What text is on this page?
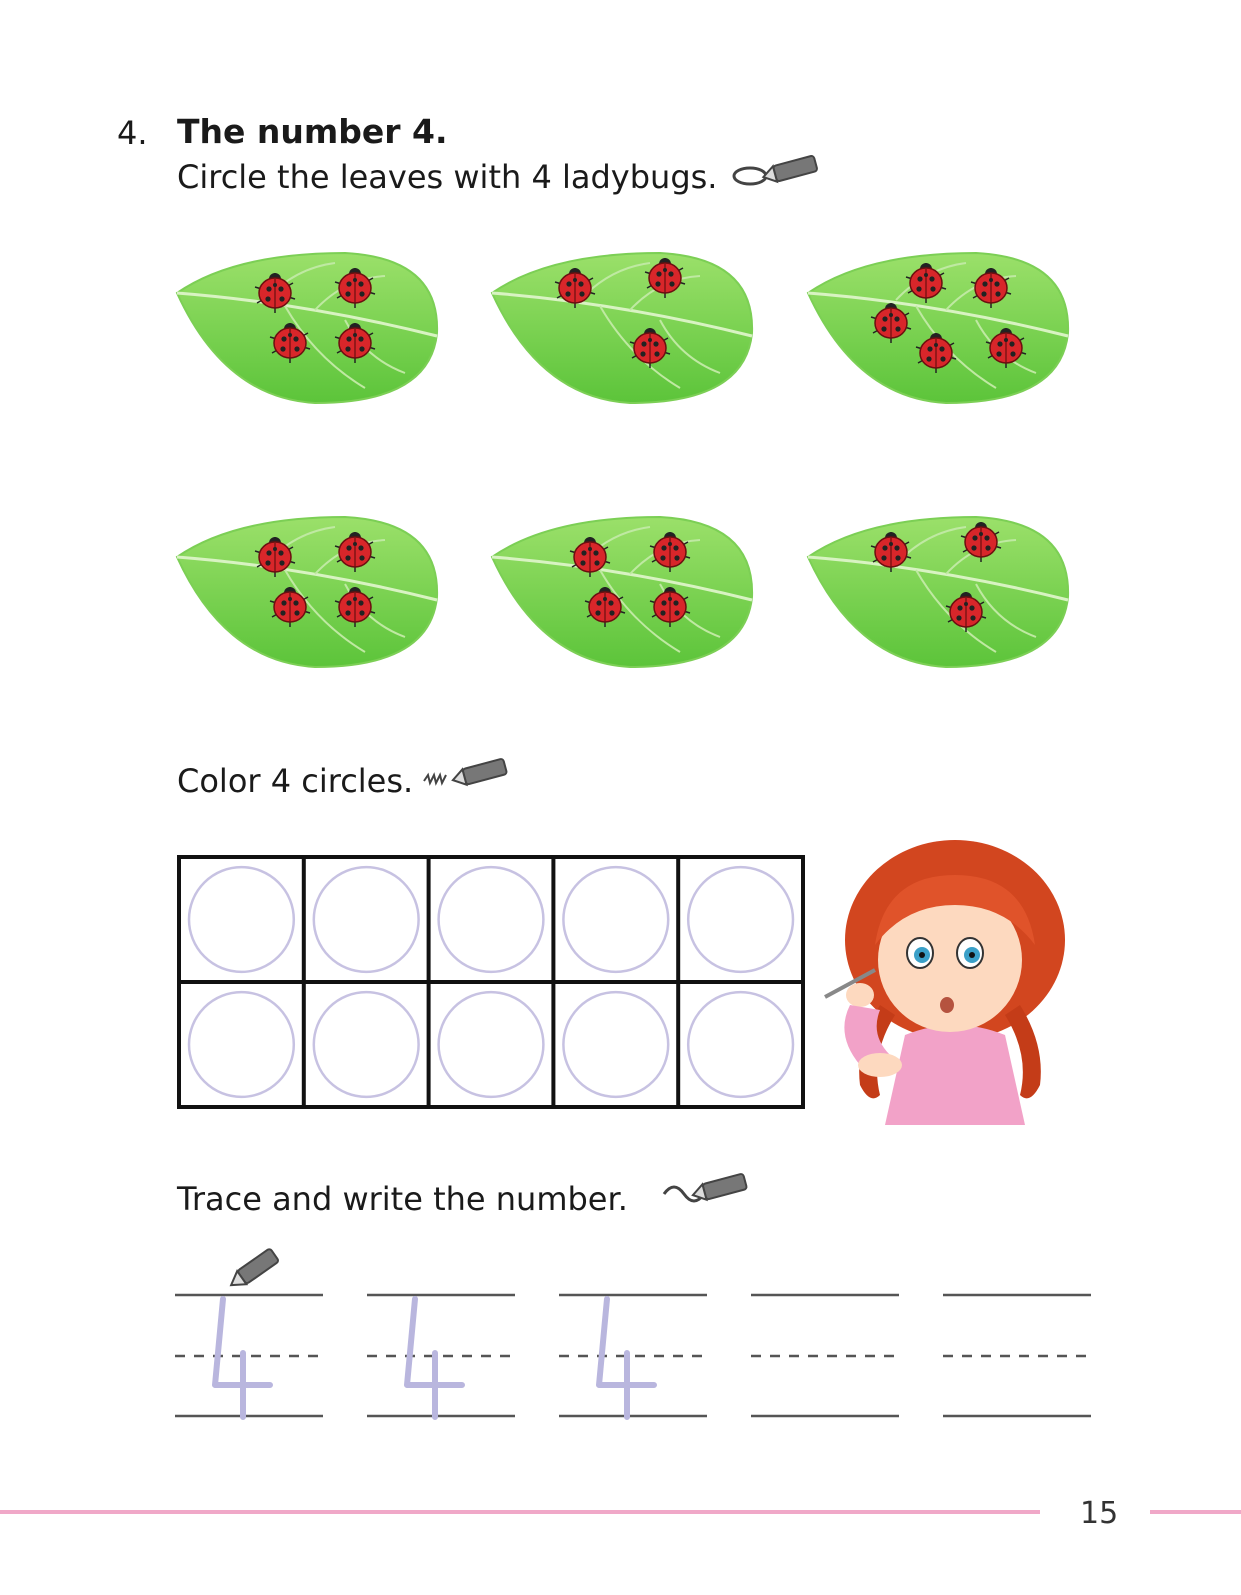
4. The number 4.
Circle the leaves with 4 ladybugs.
Color 4 circles.
Trace and write the number.
15
